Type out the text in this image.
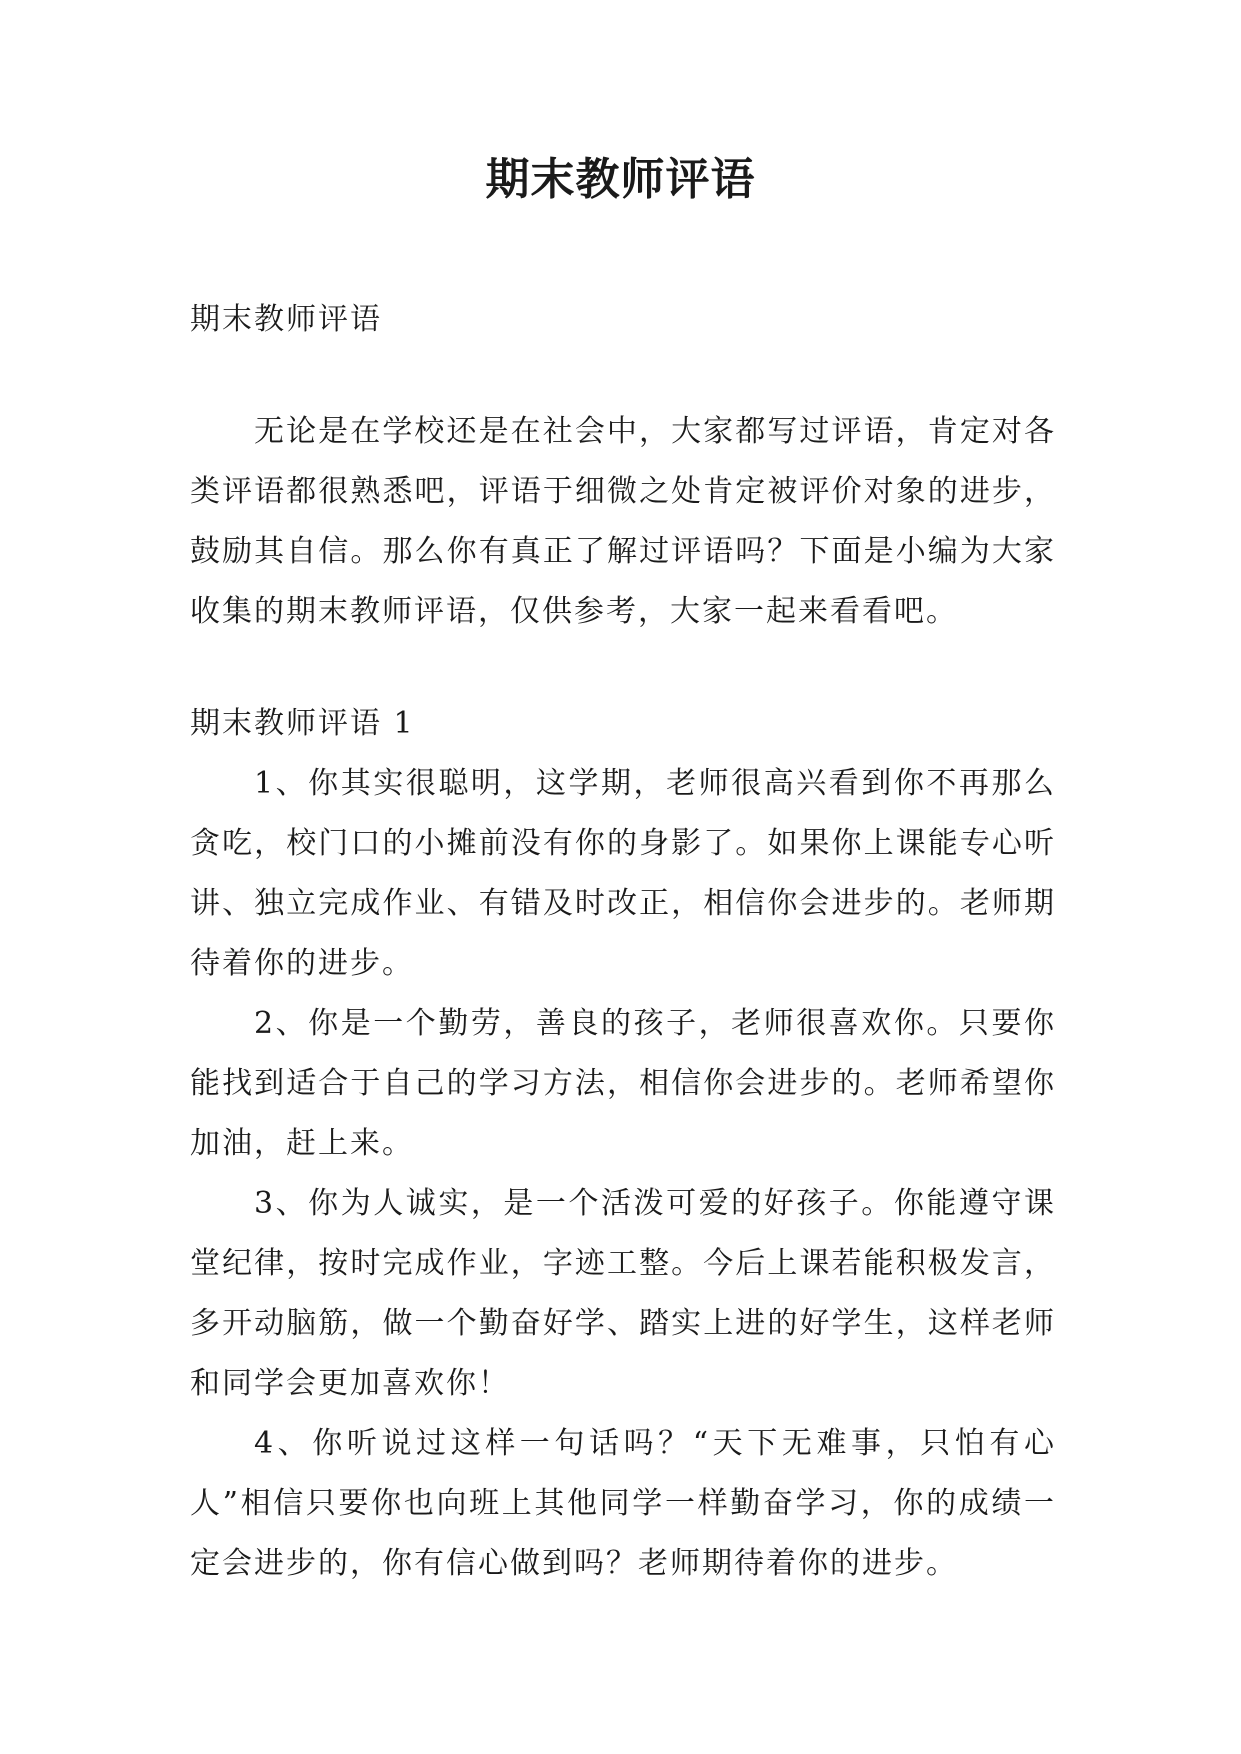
期末教师评语

期末教师评语

无论是在学校还是在社会中，大家都写过评语，肯定对各类评语都很熟悉吧，评语于细微之处肯定被评价对象的进步，鼓励其自信。那么你有真正了解过评语吗？下面是小编为大家收集的期末教师评语，仅供参考，大家一起来看看吧。

期末教师评语 1

1、你其实很聪明，这学期，老师很高兴看到你不再那么贪吃，校门口的小摊前没有你的身影了。如果你上课能专心听讲、独立完成作业、有错及时改正，相信你会进步的。老师期待着你的进步。

2、你是一个勤劳，善良的孩子，老师很喜欢你。只要你能找到适合于自己的学习方法，相信你会进步的。老师希望你加油，赶上来。

3、你为人诚实，是一个活泼可爱的好孩子。你能遵守课堂纪律，按时完成作业，字迹工整。今后上课若能积极发言，多开动脑筋，做一个勤奋好学、踏实上进的好学生，这样老师和同学会更加喜欢你！

4、你听说过这样一句话吗？“天下无难事，只怕有心人”相信只要你也向班上其他同学一样勤奋学习，你的成绩一定会进步的，你有信心做到吗？老师期待着你的进步。
